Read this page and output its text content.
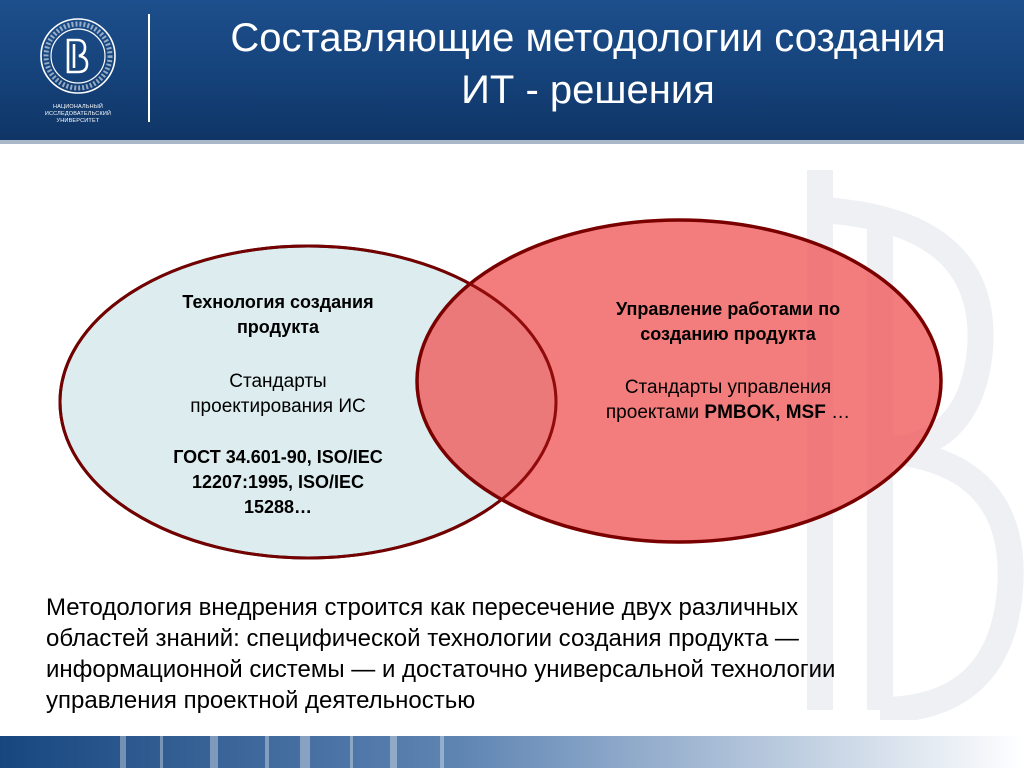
НАЦИОНАЛЬНЫЙ ИССЛЕДОВАТЕЛЬСКИЙ
УНИВЕРСИТЕТ
Составляющие методологии создания
ИТ - решения
Технология создания
продукта
Стандарты
проектирования ИС
ГОСТ 34.601-90, ISO/IEC
12207:1995, ISO/IEC
15288…
Управление работами по
созданию продукта
Стандарты управления
проектами PMBOK, MSF …
Методология внедрения строится как пересечение двух различных
областей знаний: специфической технологии создания продукта —
информационной системы — и достаточно универсальной технологии
управления проектной деятельностью
